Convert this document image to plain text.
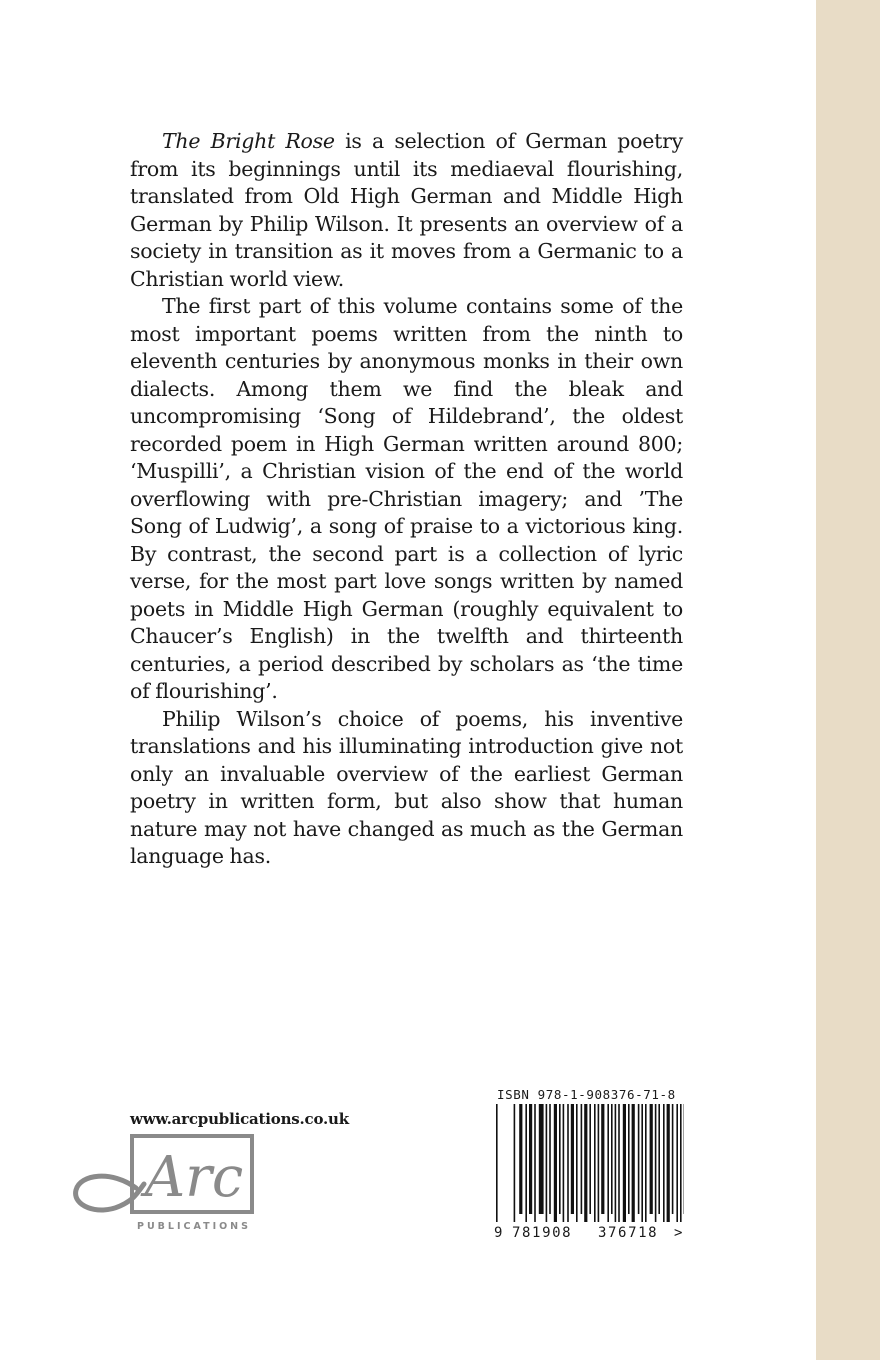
The Bright Rose is a selection of German poetry from its beginnings until its mediaeval flourishing, translated from Old High German and Middle High German by Philip Wilson. It presents an overview of a society in transition as it moves from a Germanic to a Christian world view.

The first part of this volume contains some of the most important poems written from the ninth to eleventh centuries by anonymous monks in their own dialects. Among them we find the bleak and uncompromising ‘Song of Hildebrand’, the oldest recorded poem in High German written around 800; ‘Muspilli’, a Christian vision of the end of the world overflowing with pre-Christian imagery; and ’The Song of Ludwig’, a song of praise to a victorious king. By contrast, the second part is a collection of lyric verse, for the most part love songs written by named poets in Middle High German (roughly equivalent to Chaucer’s English) in the twelfth and thirteenth centuries, a period described by scholars as ‘the time of flourishing’.

Philip Wilson’s choice of poems, his inventive translations and his illuminating introduction give not only an invaluable overview of the earliest German poetry in written form, but also show that human nature may not have changed as much as the German language has.

www.arcpublications.co.uk
Arc
PUBLICATIONS
ISBN 978-1-908376-71-8
9 781908 376718 >
